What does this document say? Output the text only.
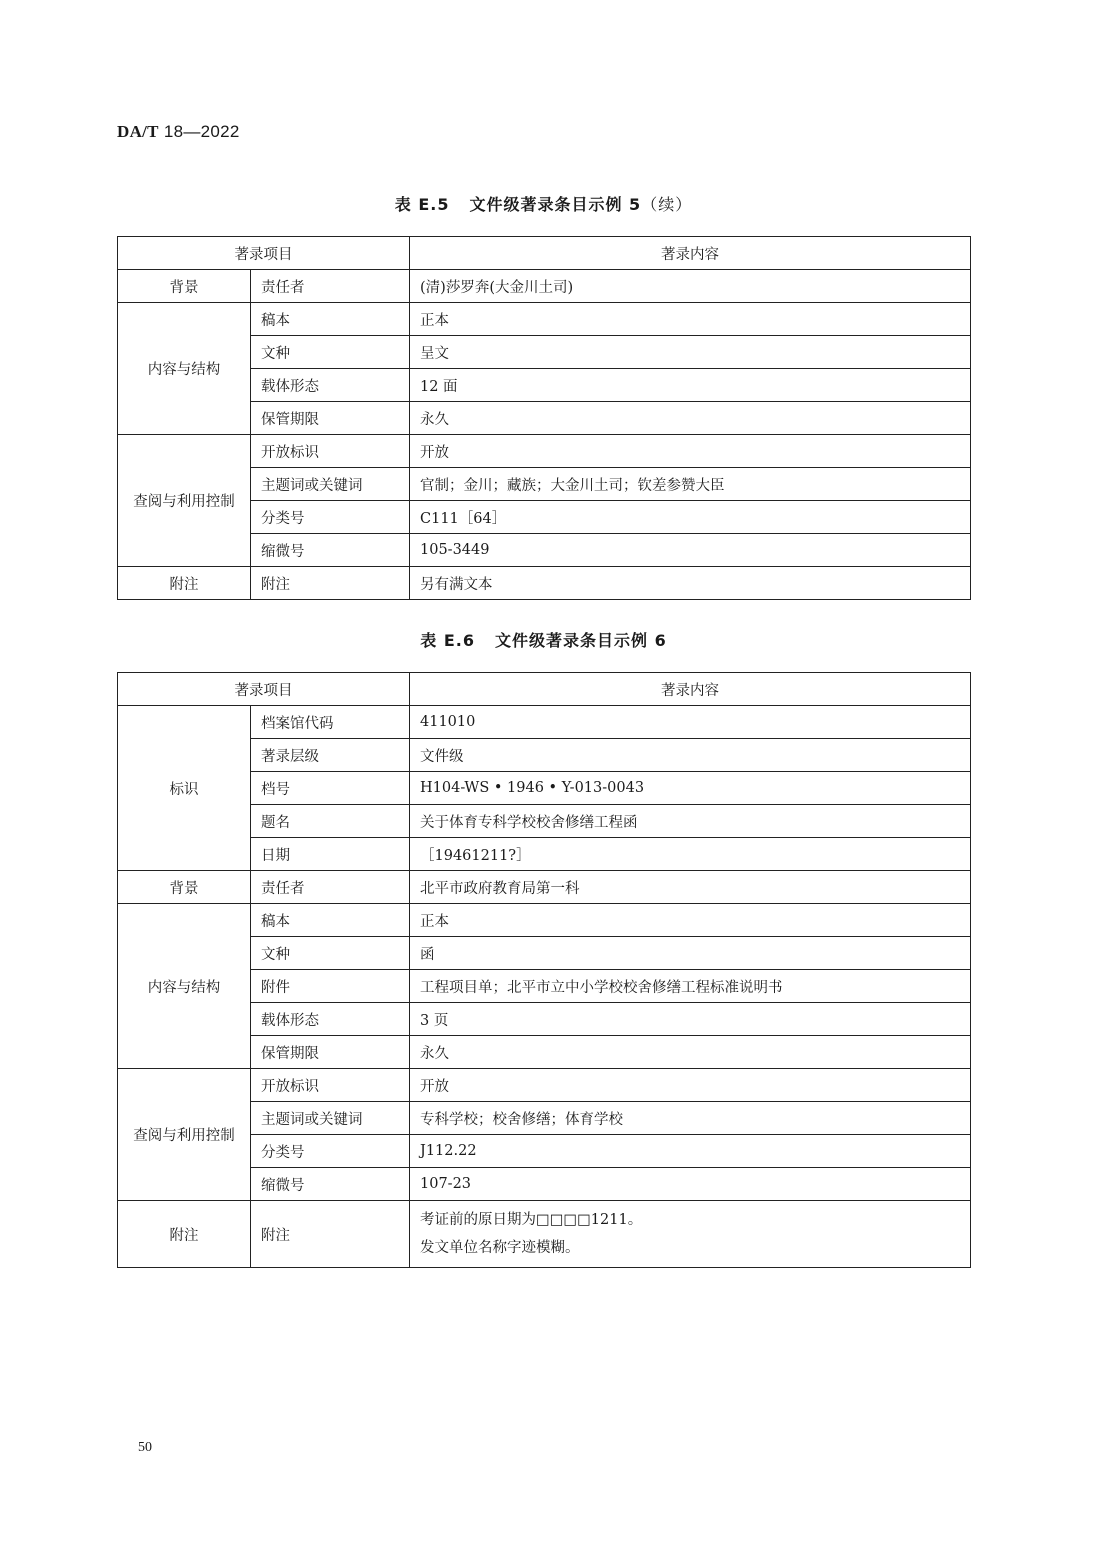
DA/T 18—2022
表 E.5 文件级著录条目示例 5（续）
著录项目		著录内容
背景	责任者	(清)莎罗奔(大金川土司)
内容与结构	稿本	正本
	文种	呈文
	载体形态	12 面
	保管期限	永久
查阅与利用控制	开放标识	开放
	主题词或关键词	官制；金川；藏族；大金川土司；钦差参赞大臣
	分类号	C111［64］
	缩微号	105-3449
附注	附注	另有满文本
表 E.6 文件级著录条目示例 6
著录项目		著录内容
标识	档案馆代码	411010
	著录层级	文件级
	档号	H104-WS • 1946 • Y-013-0043
	题名	关于体育专科学校校舍修缮工程函
	日期	［19461211?］
背景	责任者	北平市政府教育局第一科
内容与结构	稿本	正本
	文种	函
	附件	工程项目单；北平市立中小学校校舍修缮工程标准说明书
	载体形态	3 页
	保管期限	永久
查阅与利用控制	开放标识	开放
	主题词或关键词	专科学校；校舍修缮；体育学校
	分类号	J112.22
	缩微号	107-23
附注	附注	考证前的原日期为□□□□1211。
发文单位名称字迹模糊。
50
